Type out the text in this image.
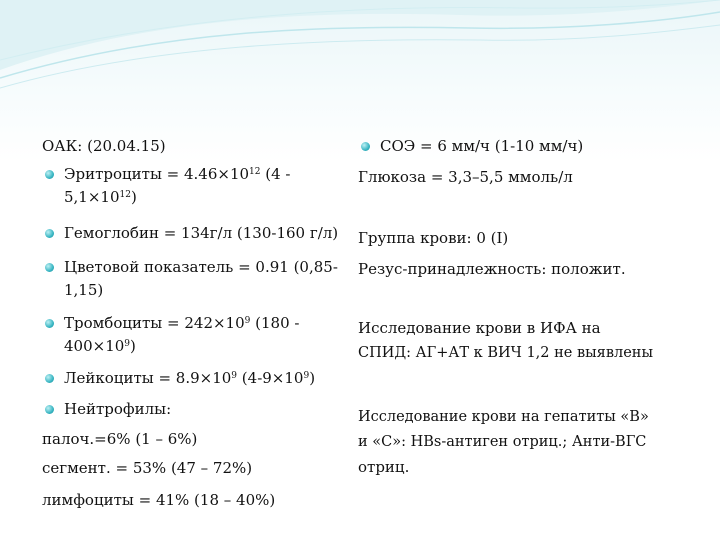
ОАК: (20.04.15)
Эритроциты = $4.46\times 10^{12}$ (4 -
$5,1\times 10^{12}$)
Гемоглобин = 134г/л (130-160 г/л)
Цветовой показатель = 0.91 (0,85-
1,15)
Тромбоциты = $242\times 10^9$ (180 -
$400\times 10^9$)
Лейкоциты = $8.9\times 10^9$ $(4-9\times 10^9)$
Нейтрофилы:
палоч.=6% (1 – 6%)
сегмент. = 53% (47 – 72%)
лимфоциты = 41% (18 – 40%)
СОЭ = 6 мм/ч (1-10 мм/ч)
Глюкоза = 3,3–5,5 ммоль/л
Группа крови: 0 (I)
Резус-принадлежность: положит.
Исследование крови в ИФА на
СПИД: АГ+АТ к ВИЧ 1,2 не выявлены
Исследование крови на гепатиты «В»
и «С»: HBs-антиген отриц.; Анти-ВГС
отриц.
